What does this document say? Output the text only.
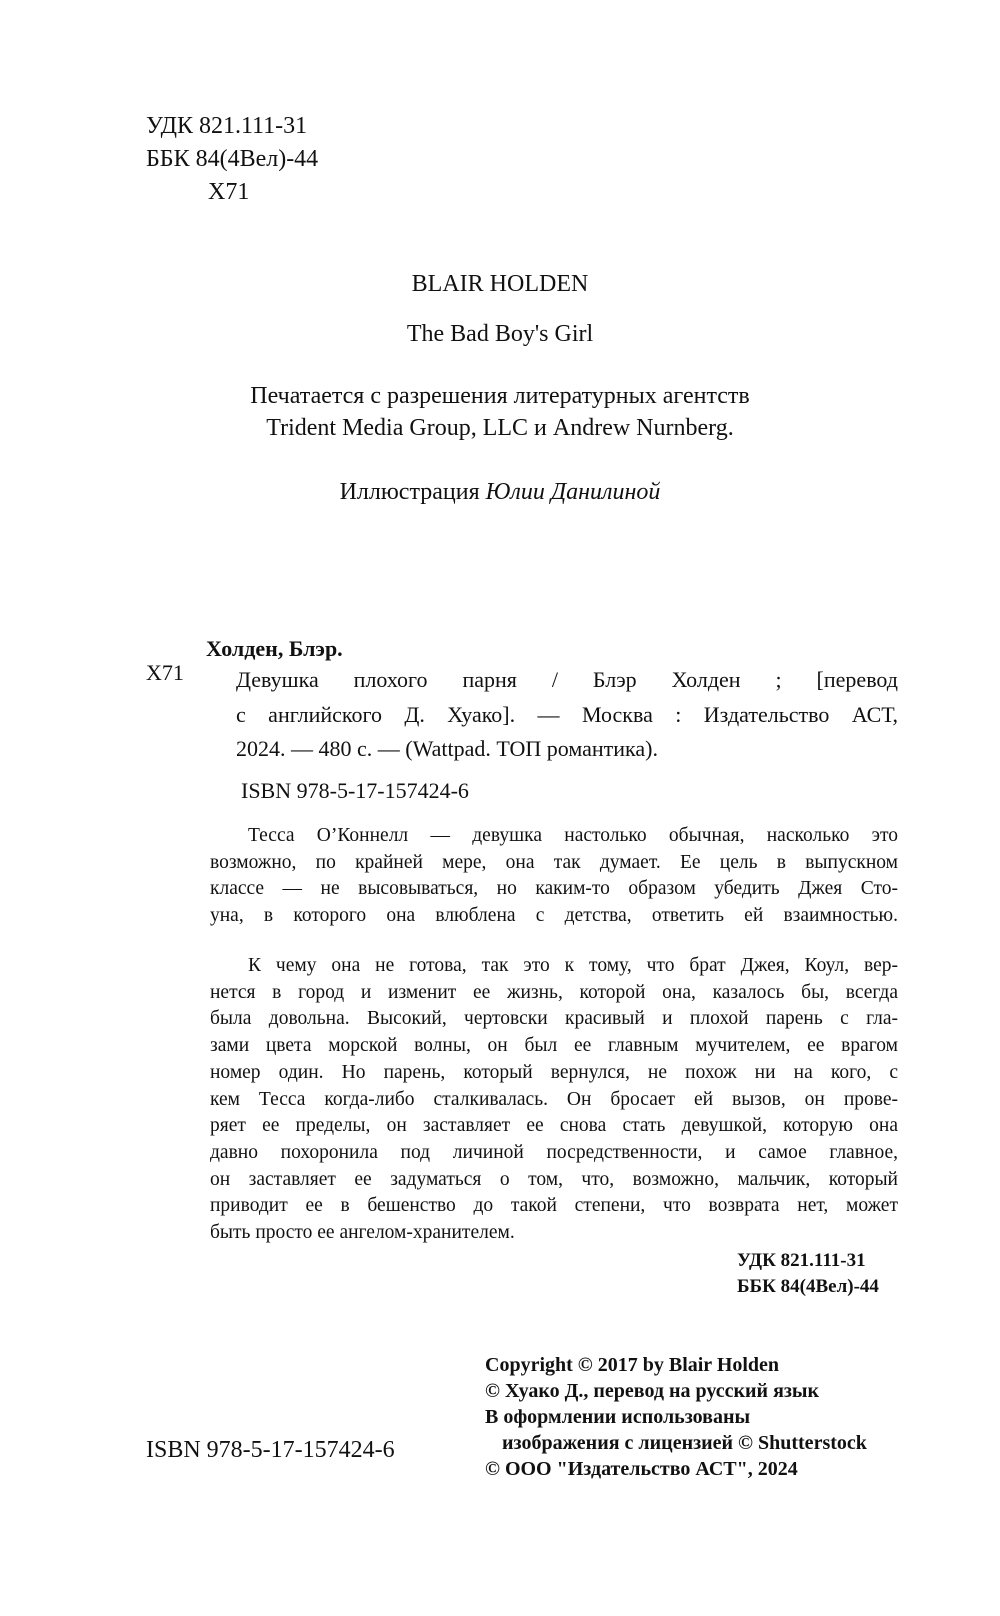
УДК 821.111-31
ББК 84(4Вел)-44
Х71
BLAIR HOLDEN
The Bad Boy's Girl
Печатается с разрешения литературных агентств
Trident Media Group, LLC и Andrew Nurnberg.
Иллюстрация Юлии Данилиной
Х71
Холден, Блэр.
Девушка плохого парня / Блэр Холден ; [перевод
с английского Д. Хуако]. — Москва : Издательство АСТ,
2024. — 480 с. — (Wattpad. ТОП романтика).
ISBN 978-5-17-157424-6
Тесса О’Коннелл — девушка настолько обычная, насколько это
возможно, по крайней мере, она так думает. Ее цель в выпускном
классе — не высовываться, но каким-то образом убедить Джея Сто-
уна, в которого она влюблена с детства, ответить ей взаимностью.
К чему она не готова, так это к тому, что брат Джея, Коул, вер-
нется в город и изменит ее жизнь, которой она, казалось бы, всегда
была довольна. Высокий, чертовски красивый и плохой парень с гла-
зами цвета морской волны, он был ее главным мучителем, ее врагом
номер один. Но парень, который вернулся, не похож ни на кого, с
кем Тесса когда-либо сталкивалась. Он бросает ей вызов, он прове-
ряет ее пределы, он заставляет ее снова стать девушкой, которую она
давно похоронила под личиной посредственности, и самое главное,
он заставляет ее задуматься о том, что, возможно, мальчик, который
приводит ее в бешенство до такой степени, что возврата нет, может
быть просто ее ангелом-хранителем.
УДК 821.111-31
ББК 84(4Вел)-44
ISBN 978-5-17-157424-6
Copyright © 2017 by Blair Holden
© Хуако Д., перевод на русский язык
В оформлении использованы
изображения с лицензией © Shutterstock
© ООО "Издательство АСТ", 2024
